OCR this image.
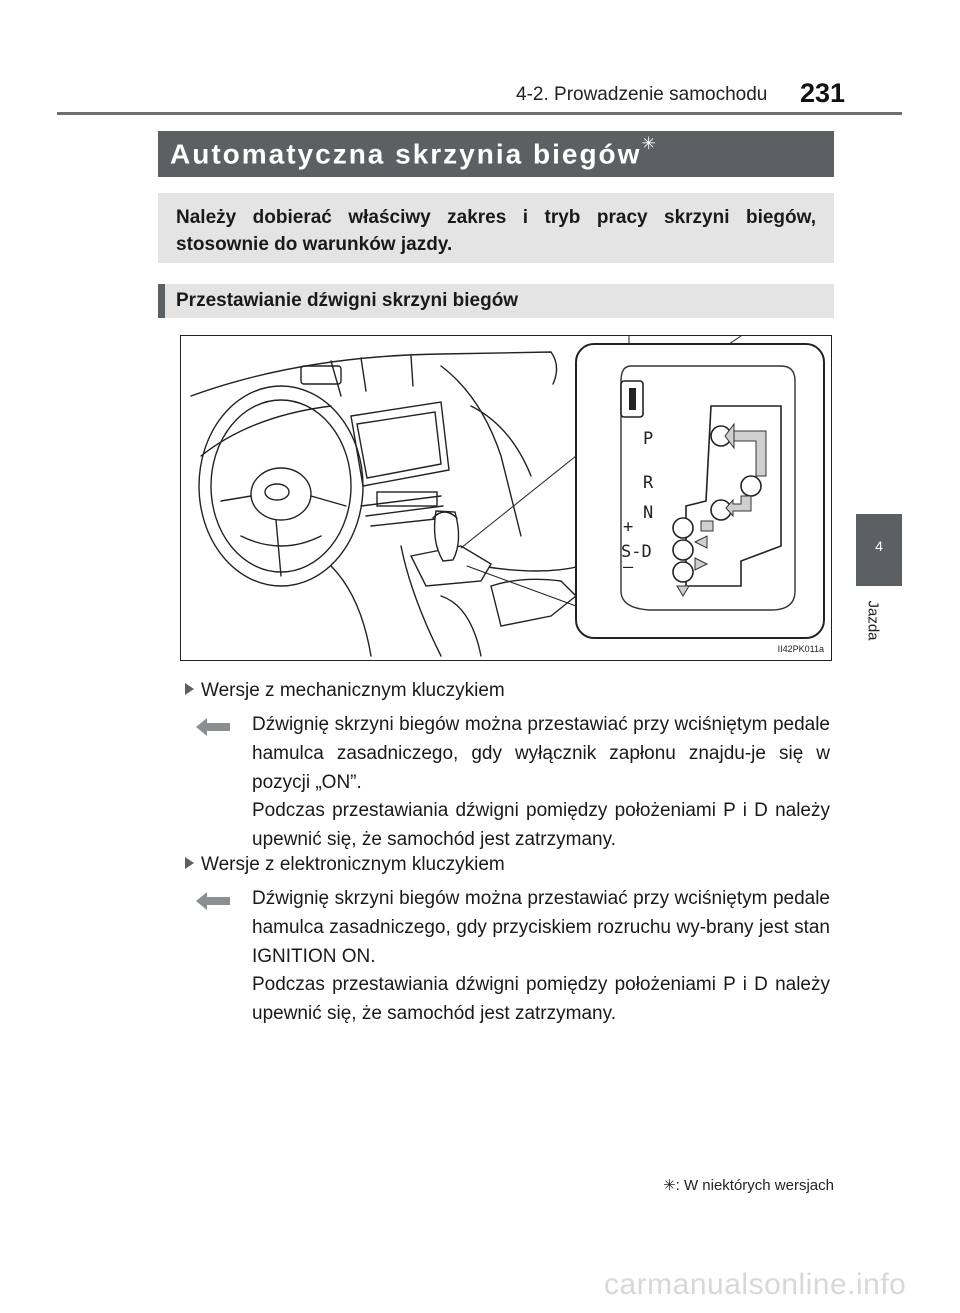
4-2. Prowadzenie samochodu 231
Automatyczna skrzynia biegów✳
Należy dobierać właściwy zakres i tryb pracy skrzyni biegów, stosownie do warunków jazdy.
Przestawianie dźwigni skrzyni biegów
P
R
N
+
S-D
–
II42PK011a
Wersje z mechanicznym kluczykiem
Dźwignię skrzyni biegów można przestawiać przy wciśniętym pedale hamulca zasadniczego, gdy wyłącznik zapłonu znajdu-je się w pozycji „ON”.
Podczas przestawiania dźwigni pomiędzy położeniami P i D należy upewnić się, że samochód jest zatrzymany.
Wersje z elektronicznym kluczykiem
Dźwignię skrzyni biegów można przestawiać przy wciśniętym pedale hamulca zasadniczego, gdy przyciskiem rozruchu wy-brany jest stan IGNITION ON.
Podczas przestawiania dźwigni pomiędzy położeniami P i D należy upewnić się, że samochód jest zatrzymany.
✳: W niektórych wersjach
4
Jazda
carmanualsonline.info
